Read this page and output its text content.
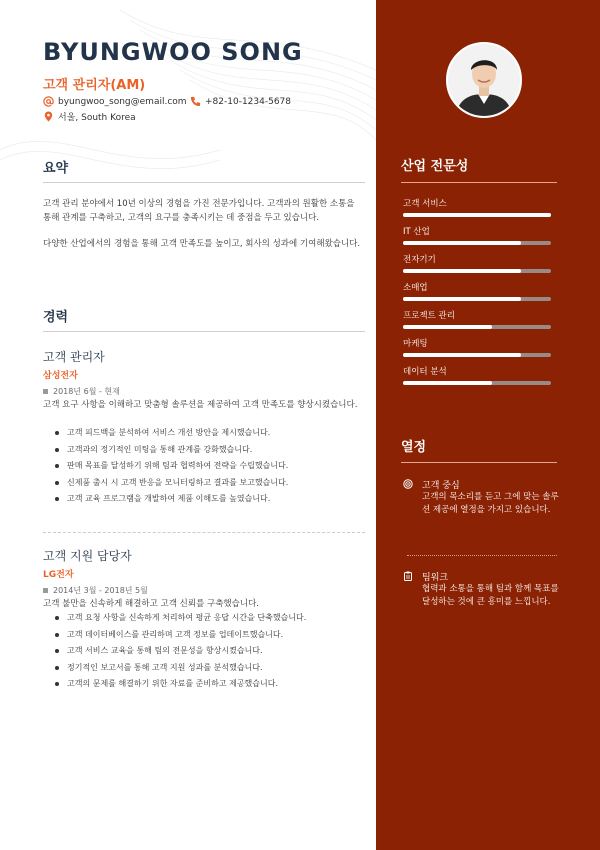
BYUNGWOO SONG
고객 관리자(AM)
byungwoo_song@email.com +82-10-1234-5678
서울, South Korea
요약
고객 관리 분야에서 10년 이상의 경험을 가진 전문가입니다. 고객과의 원활한 소통을 통해 관계를 구축하고, 고객의 요구를 충족시키는 데 중점을 두고 있습니다.
다양한 산업에서의 경험을 통해 고객 만족도를 높이고, 회사의 성과에 기여해왔습니다.
경력
고객 관리자
삼성전자
2018년 6월 - 현재
고객 요구 사항을 이해하고 맞춤형 솔루션을 제공하여 고객 만족도를 향상시켰습니다.
고객 피드백을 분석하여 서비스 개선 방안을 제시했습니다.
고객과의 정기적인 미팅을 통해 관계를 강화했습니다.
판매 목표를 달성하기 위해 팀과 협력하여 전략을 수립했습니다.
신제품 출시 시 고객 반응을 모니터링하고 결과를 보고했습니다.
고객 교육 프로그램을 개발하여 제품 이해도를 높였습니다.
고객 지원 담당자
LG전자
2014년 3월 - 2018년 5월
고객 불만을 신속하게 해결하고 고객 신뢰를 구축했습니다.
고객 요청 사항을 신속하게 처리하여 평균 응답 시간을 단축했습니다.
고객 데이터베이스를 관리하며 고객 정보를 업데이트했습니다.
고객 서비스 교육을 통해 팀의 전문성을 향상시켰습니다.
정기적인 보고서를 통해 고객 지원 성과를 분석했습니다.
고객의 문제를 해결하기 위한 자료를 준비하고 제공했습니다.
산업 전문성
고객 서비스
IT 산업
전자기기
소매업
프로젝트 관리
마케팅
데이터 분석
열정
고객 중심
고객의 목소리를 듣고 그에 맞는 솔루션 제공에 열정을 가지고 있습니다.
팀워크
협력과 소통을 통해 팀과 함께 목표를 달성하는 것에 큰 흥미를 느낍니다.
